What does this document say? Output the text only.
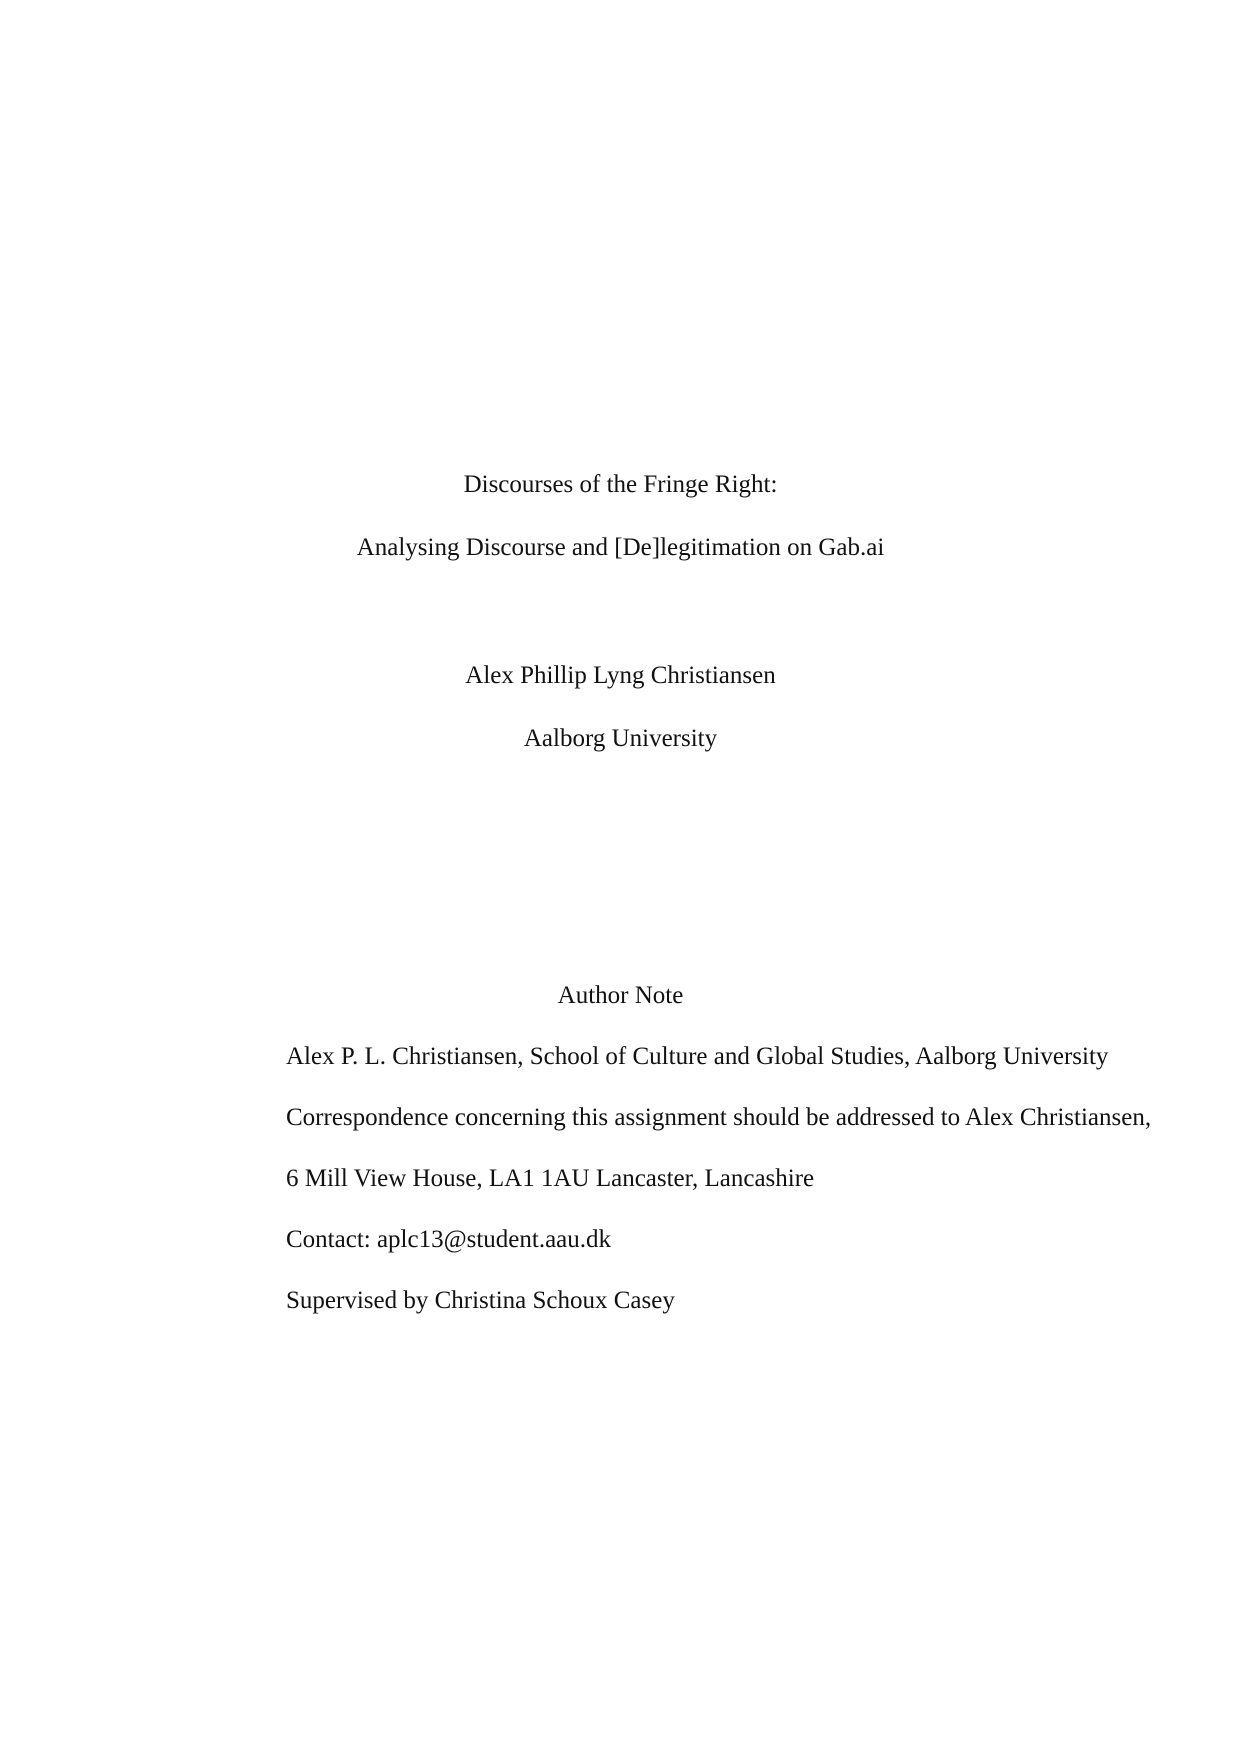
Discourses of the Fringe Right:
Analysing Discourse and [De]legitimation on Gab.ai
Alex Phillip Lyng Christiansen
Aalborg University
Author Note
Alex P. L. Christiansen, School of Culture and Global Studies, Aalborg University
Correspondence concerning this assignment should be addressed to Alex Christiansen,
6 Mill View House, LA1 1AU Lancaster, Lancashire
Contact: aplc13@student.aau.dk
Supervised by Christina Schoux Casey
